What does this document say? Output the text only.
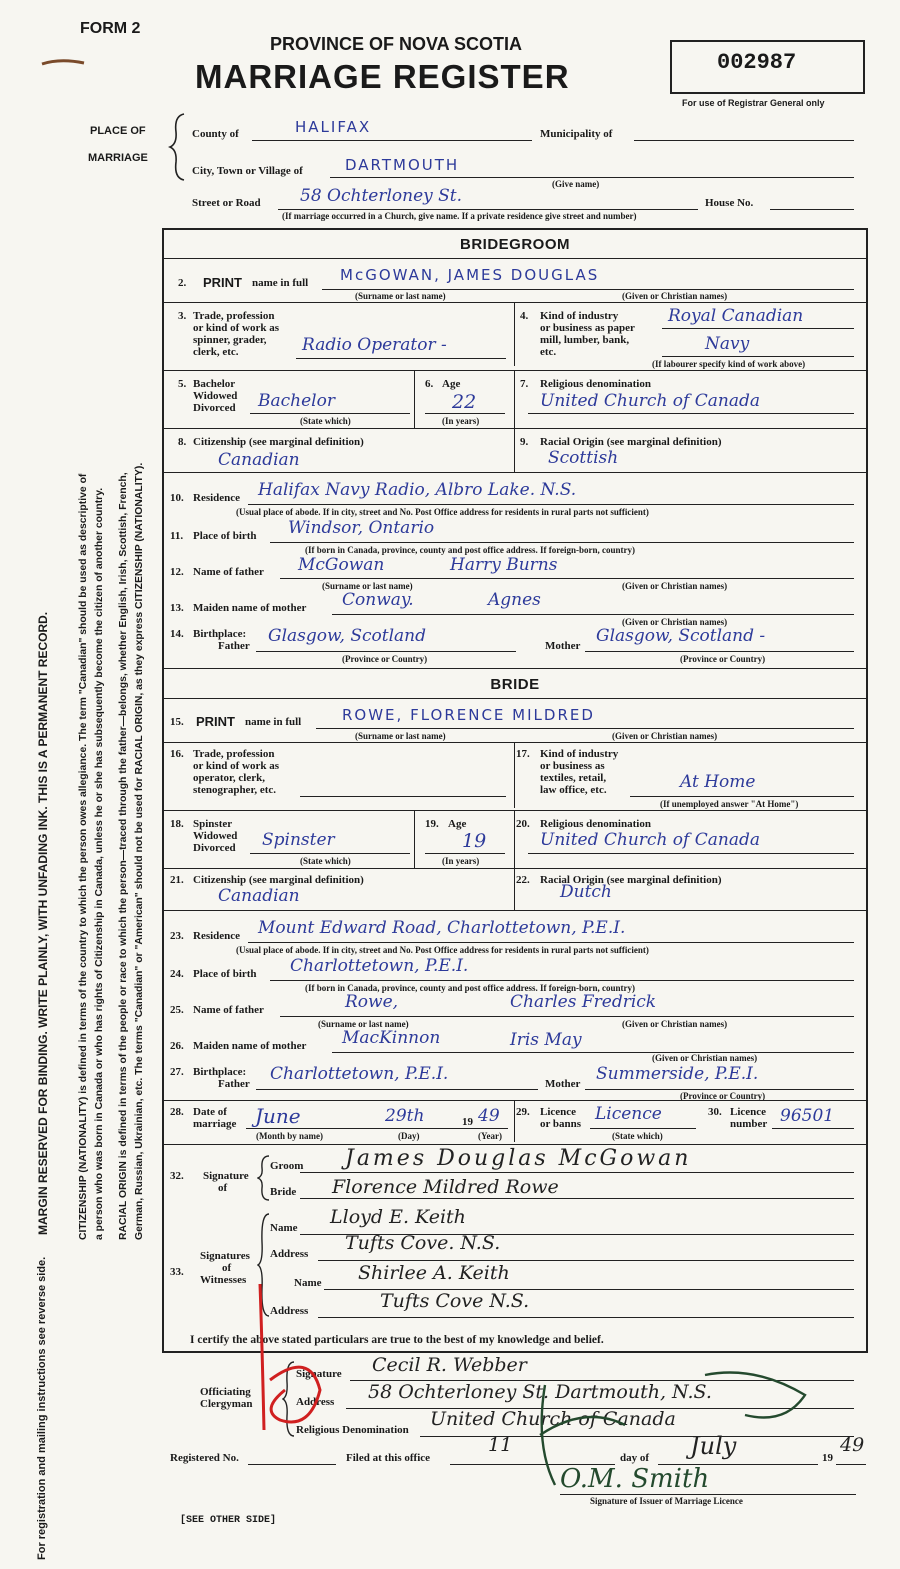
MARGIN RESERVED FOR BINDING. WRITE PLAINLY, WITH UNFADING INK. THIS IS A PERMANENT RECORD.
For registration and mailing instructions see reverse side.
CITIZENSHIP (NATIONALITY) is defined in terms of the country to which the person owes allegiance. The term "Canadian" should be used as descriptive of a person who was born in Canada or who has rights of Citizenship in Canada, unless he or she has subsequently become the citizen of another country. RACIAL ORIGIN is defined in terms of the people or race to which the person—traced through the father—belongs, whether English, Irish, Scottish, French, German, Russian, Ukrainian, etc. The terms "Canadian" or "American" should not be used for RACIAL ORIGIN, as they express CITIZENSHIP (NATIONALITY).
FORM 2
PROVINCE OF NOVA SCOTIA
MARRIAGE REGISTER	002987
For use of Registrar General only
PLACE OF
MARRIAGE
County of	HALIFAX	Municipality of
City, Town or Village of	DARTMOUTH
(Give name)
Street or Road 58 Ochterloney St.	House No.
(If marriage occurred in a Church, give name. If a private residence give street and number)
BRIDEGROOM
2. PRINT name in full McGOWAN, JAMES DOUGLAS
(Surname or last name)	(Given or Christian names)
3. Trade, profession
or kind of work as
spinner, grader,
clerk, etc.	Radio Operator -
4. Kind of industry
or business as paper
mill, lumber, bank,
etc.
Royal Canadian
Navy
(If labourer specify kind of work above)
5. Bachelor
Widowed
Divorced Bachelor
(State which)
6. Age
22
(In years)
7. Religious denomination
United Church of Canada
8. Citizenship (see marginal definition)
Canadian
9. Racial Origin (see marginal definition)
Scottish
10. Residence Halifax Navy Radio, Albro Lake. N.S.
(Usual place of abode. If in city, street and No. Post Office address for residents in rural parts not sufficient)
11. Place of birth Windsor, Ontario
(If born in Canada, province, county and post office address. If foreign-born, country)
12. Name of father McGowan	Harry Burns
(Surname or last name)	(Given or Christian names)
13. Maiden name of mother Conway.	Agnes
(Given or Christian names)
14. Birthplace:
Father Glasgow, Scotland
(Province or Country)
Mother Glasgow, Scotland -
(Province or Country)
BRIDE
15. PRINT name in full	ROWE, FLORENCE MILDRED
(Surname or last name)	(Given or Christian names)
16. Trade, profession
or kind of work as
operator, clerk,
stenographer, etc.
17. Kind of industry
or business as
textiles, retail,
law office, etc.	At Home
(If unemployed answer "At Home")
18. Spinster
Widowed
Divorced Spinster
(State which)
19. Age
19
(In years)
20. Religious denomination
United Church of Canada
21. Citizenship (see marginal definition)
Canadian
22. Racial Origin (see marginal definition)
Dutch
23. Residence Mount Edward Road, Charlottetown, P.E.I.
(Usual place of abode. If in city, street and No. Post Office address for residents in rural parts not sufficient)
24. Place of birth Charlottetown, P.E.I.
(If born in Canada, province, county and post office address. If foreign-born, country)
25. Name of father	Rowe,	Charles Fredrick
(Surname or last name)	(Given or Christian names)
26. Maiden name of mother MacKinnon	Iris May
(Given or Christian names)
27. Birthplace:
Father Charlottetown, P.E.I.	Mother Summerside, P.E.I.
(Province or Country)
28. Date of
marriage June	29th	19 49
(Month by name)	(Day)	(Year)
29. Licence
or banns Licence
(State which)
30. Licence
number 96501
32. Signature
of
Groom James Douglas McGowan
Bride Florence Mildred Rowe
33.
Signatures
of
Witnesses
Name Lloyd E. Keith
Address Tufts Cove. N.S.
Name Shirlee A. Keith
Address	Tufts Cove N.S.
I certify the above stated particulars are true to the best of my knowledge and belief.
Officiating
Clergyman
Signature Cecil R. Webber
Address 58 Ochterloney St. Dartmouth, N.S.
Religious Denomination United Church of Canada
Registered No.	Filed at this office
11
day of July	19
49
O.M. Smith
Signature of Issuer of Marriage Licence
[SEE OTHER SIDE]
